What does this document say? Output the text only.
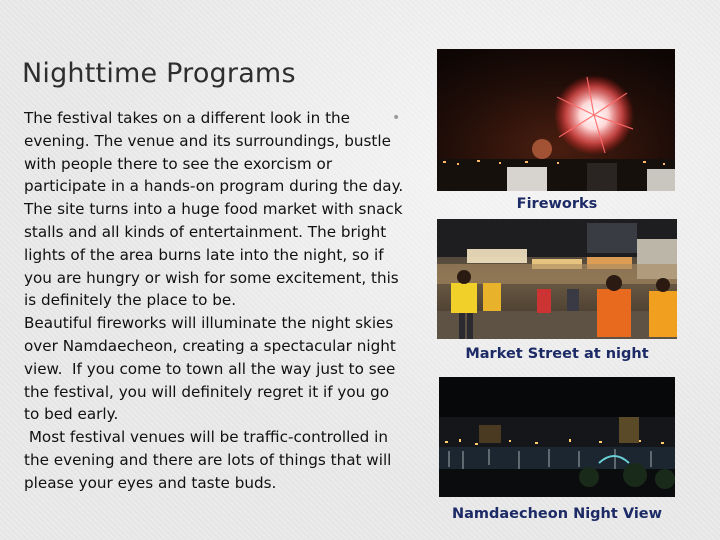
Nighttime Programs
•

The festival takes on a different look in the evening. The venue and its surroundings, bustle with people there to see the exorcism or participate in a hands-on program during the day. The site turns into a huge food market with snack stalls and all kinds of entertainment. The bright lights of the area burns late into the night, so if you are hungry or wish for some excitement, this is definitely the place to be.

Beautiful fireworks will illuminate the night skies over Namdaecheon, creating a spectacular night view.  If you come to town all the way just to see the festival, you will definitely regret it if you go to bed early.

Most festival venues will be traffic-controlled in the evening and there are lots of things that will please your eyes and taste buds.

Fireworks
Market Street at night
Namdaecheon Night View
